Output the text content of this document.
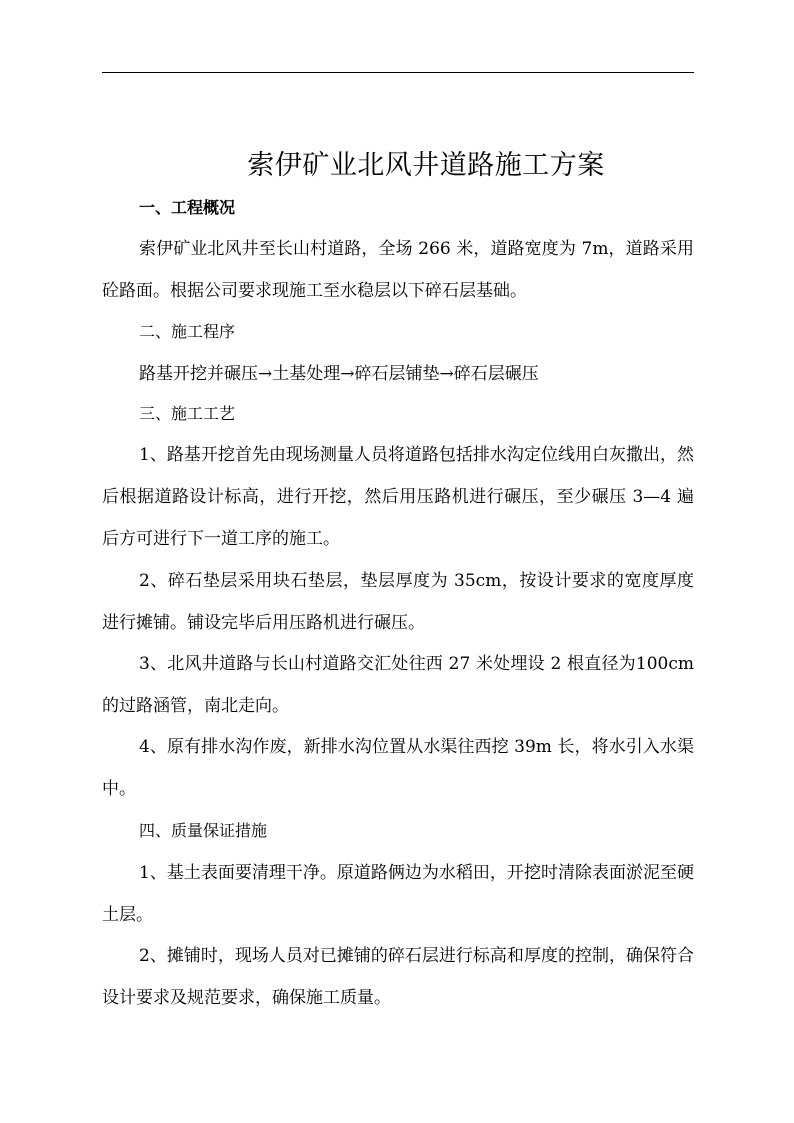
索伊矿业北风井道路施工方案
一、工程概况
索伊矿业北风井至长山村道路，全场 266 米，道路宽度为 7m，道路采用砼路面。根据公司要求现施工至水稳层以下碎石层基础。
二、施工程序
路基开挖并碾压→土基处理→碎石层铺垫→碎石层碾压
三、施工工艺
1、路基开挖首先由现场测量人员将道路包括排水沟定位线用白灰撒出，然后根据道路设计标高，进行开挖，然后用压路机进行碾压，至少碾压 3—4 遍后方可进行下一道工序的施工。
2、碎石垫层采用块石垫层，垫层厚度为 35cm，按设计要求的宽度厚度进行摊铺。铺设完毕后用压路机进行碾压。
3、北风井道路与长山村道路交汇处往西 27 米处埋设 2 根直径为100cm 的过路涵管，南北走向。
4、原有排水沟作废，新排水沟位置从水渠往西挖 39m 长，将水引入水渠中。
四、质量保证措施
1、基土表面要清理干净。原道路俩边为水稻田，开挖时清除表面淤泥至硬土层。
2、摊铺时，现场人员对已摊铺的碎石层进行标高和厚度的控制，确保符合设计要求及规范要求，确保施工质量。
